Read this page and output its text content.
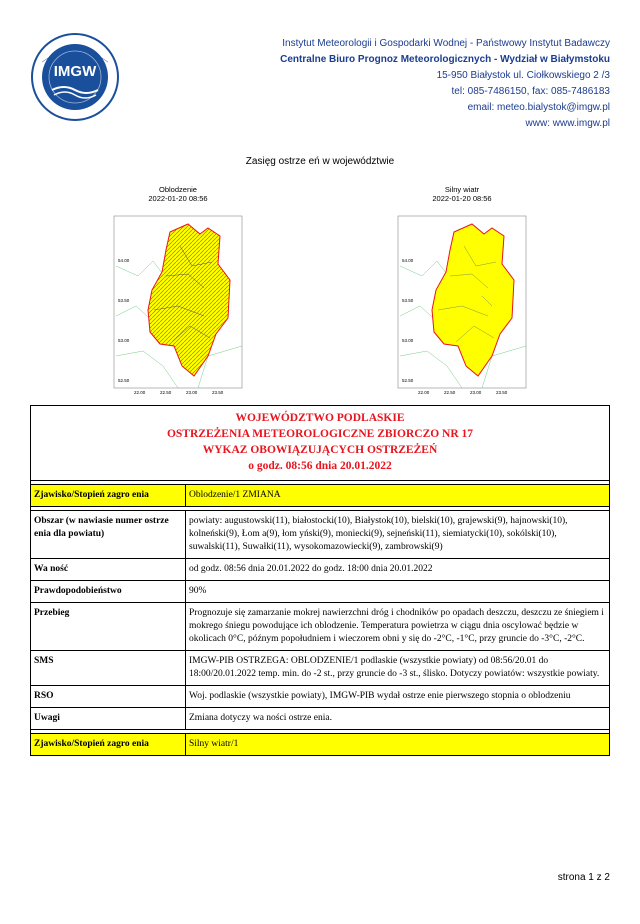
IMGW
Instytut Meteorologii i Gospodarki Wodnej - Państwowy Instytut Badawczy
Centralne Biuro Prognoz Meteorologicznych - Wydział w Białymstoku
15-950 Białystok ul. Ciołkowskiego 2 /3
tel: 085-7486150, fax: 085-7486183
email: meteo.bialystok@imgw.pl
www: www.imgw.pl
Zasięg ostrze eń w województwie
Oblodzenie
2022-01-20 08:56
54.00
53.50
53.00
52.50
22.00	22.50	23.00	23.50
Silny wiatr
2022-01-20 08:56
54.00
53.50
53.00
52.50
22.00	22.50	23.00	23.50
WOJEWÓDZTWO PODLASKIE
OSTRZEŻENIA METEOROLOGICZNE ZBIORCZO NR 17
WYKAZ OBOWIĄZUJĄCYCH OSTRZEŻEŃ
o godz. 08:56 dnia 20.01.2022

Zjawisko/Stopień zagro enia	Oblodzenie/1 ZMIANA

Obszar (w nawiasie numer ostrze enia dla powiatu)	powiaty: augustowski(11), białostocki(10), Białystok(10), bielski(10), grajewski(9), hajnowski(10), kolneński(9), Łom a(9), łom yński(9), moniecki(9), sejneński(11), siemiatycki(10), sokólski(10), suwalski(11), Suwałki(11), wysokomazowiecki(9), zambrowski(9)
Wa ność	od godz. 08:56 dnia 20.01.2022 do godz. 18:00 dnia 20.01.2022
Prawdopodobieństwo	90%
Przebieg	Prognozuje się zamarzanie mokrej nawierzchni dróg i chodników po opadach deszczu, deszczu ze śniegiem i mokrego śniegu powodujące ich oblodzenie. Temperatura powietrza w ciągu dnia oscylować będzie w okolicach 0°C, późnym popołudniem i wieczorem obni y się do -2°C, -1°C, przy gruncie do -3°C, -2°C.
SMS	IMGW-PIB OSTRZEGA: OBLODZENIE/1 podlaskie (wszystkie powiaty) od 08:56/20.01 do 18:00/20.01.2022 temp. min. do -2 st., przy gruncie do -3 st., ślisko. Dotyczy powiatów: wszystkie powiaty.
RSO	Woj. podlaskie (wszystkie powiaty), IMGW-PIB wydał ostrze enie pierwszego stopnia o oblodzeniu
Uwagi	Zmiana dotyczy wa ności ostrze enia.

Zjawisko/Stopień zagro enia	Silny wiatr/1
strona 1 z 2
